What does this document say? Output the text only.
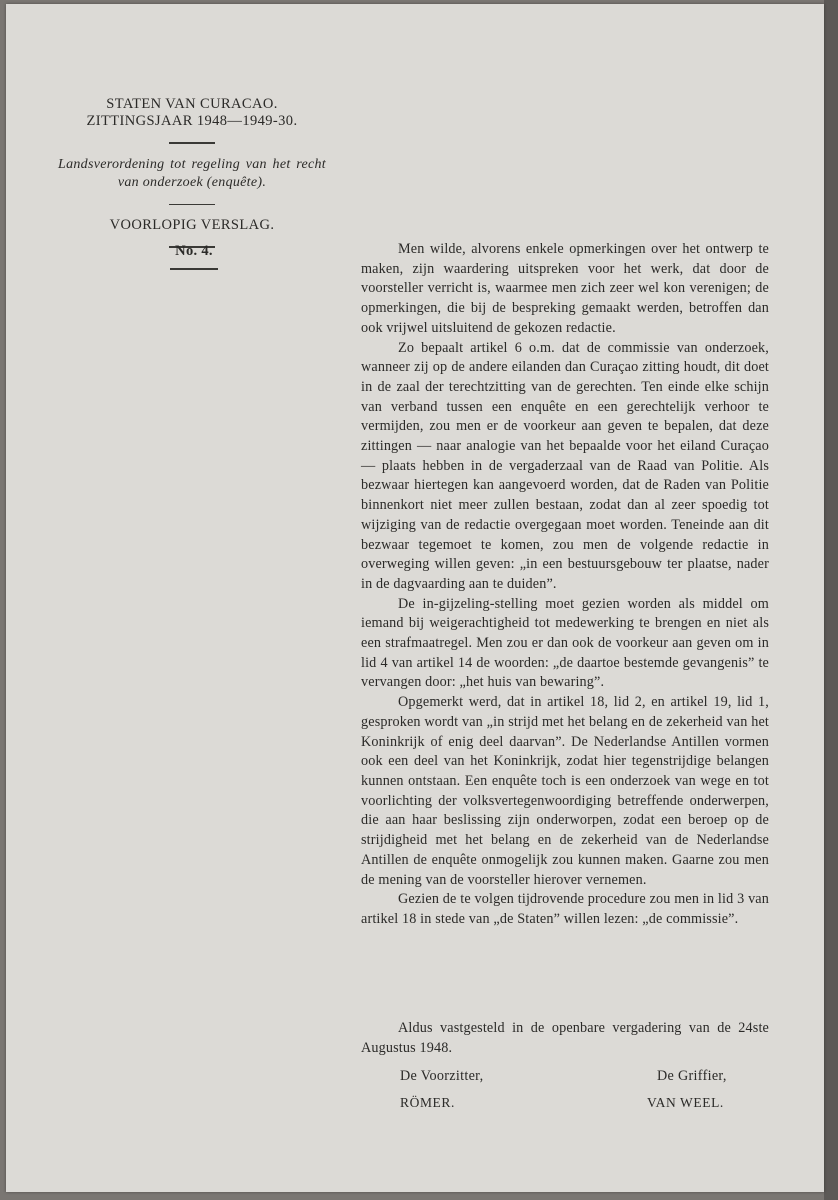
STATEN VAN CURACAO.
ZITTINGSJAAR 1948—1949-30.
Landsverordening tot regeling van het recht van onderzoek (enquête).
VOORLOPIG VERSLAG.
No. 4.	Men wilde, alvorens enkele opmerkingen over het ontwerp te maken, zijn waardering uitspreken voor het werk, dat door de voorsteller verricht is, waarmee men zich zeer wel kon verenigen; de opmerkingen, die bij de bespreking gemaakt werden, betroffen dan ook vrijwel uitsluitend de gekozen redactie.

Zo bepaalt artikel 6 o.m. dat de commissie van onderzoek, wanneer zij op de andere eilanden dan Curaçao zitting houdt, dit doet in de zaal der terechtzitting van de gerechten. Ten einde elke schijn van verband tussen een enquête en een gerechtelijk verhoor te vermijden, zou men er de voorkeur aan geven te bepalen, dat deze zittingen — naar analogie van het bepaalde voor het eiland Curaçao — plaats hebben in de vergaderzaal van de Raad van Politie. Als bezwaar hiertegen kan aangevoerd worden, dat de Raden van Politie binnenkort niet meer zullen bestaan, zodat dan al zeer spoedig tot wijziging van de redactie overgegaan moet worden. Teneinde aan dit bezwaar tegemoet te komen, zou men de volgende redactie in overweging willen geven: „in een bestuursgebouw ter plaatse, nader in de dagvaarding aan te duiden”.

De in-gijzeling-stelling moet gezien worden als middel om iemand bij weigerachtigheid tot medewerking te brengen en niet als een strafmaatregel. Men zou er dan ook de voorkeur aan geven om in lid 4 van artikel 14 de woorden: „de daartoe bestemde gevangenis” te vervangen door: „het huis van bewaring”.

Opgemerkt werd, dat in artikel 18, lid 2, en artikel 19, lid 1, gesproken wordt van „in strijd met het belang en de zekerheid van het Koninkrijk of enig deel daarvan”. De Nederlandse Antillen vormen ook een deel van het Koninkrijk, zodat hier tegenstrijdige belangen kunnen ontstaan. Een enquête toch is een onderzoek van wege en tot voorlichting der volksvertegenwoordiging betreffende onderwerpen, die aan haar beslissing zijn onderworpen, zodat een beroep op de strijdigheid met het belang en de zekerheid van de Nederlandse Antillen de enquête onmogelijk zou kunnen maken. Gaarne zou men de mening van de voorsteller hierover vernemen.

Gezien de te volgen tijdrovende procedure zou men in lid 3 van artikel 18 in stede van „de Staten” willen lezen: „de commissie”.

Aldus vastgesteld in de openbare vergadering van de 24ste Augustus 1948.

De Voorzitter,	De Griffier,
RÖMER.	VAN WEEL.
